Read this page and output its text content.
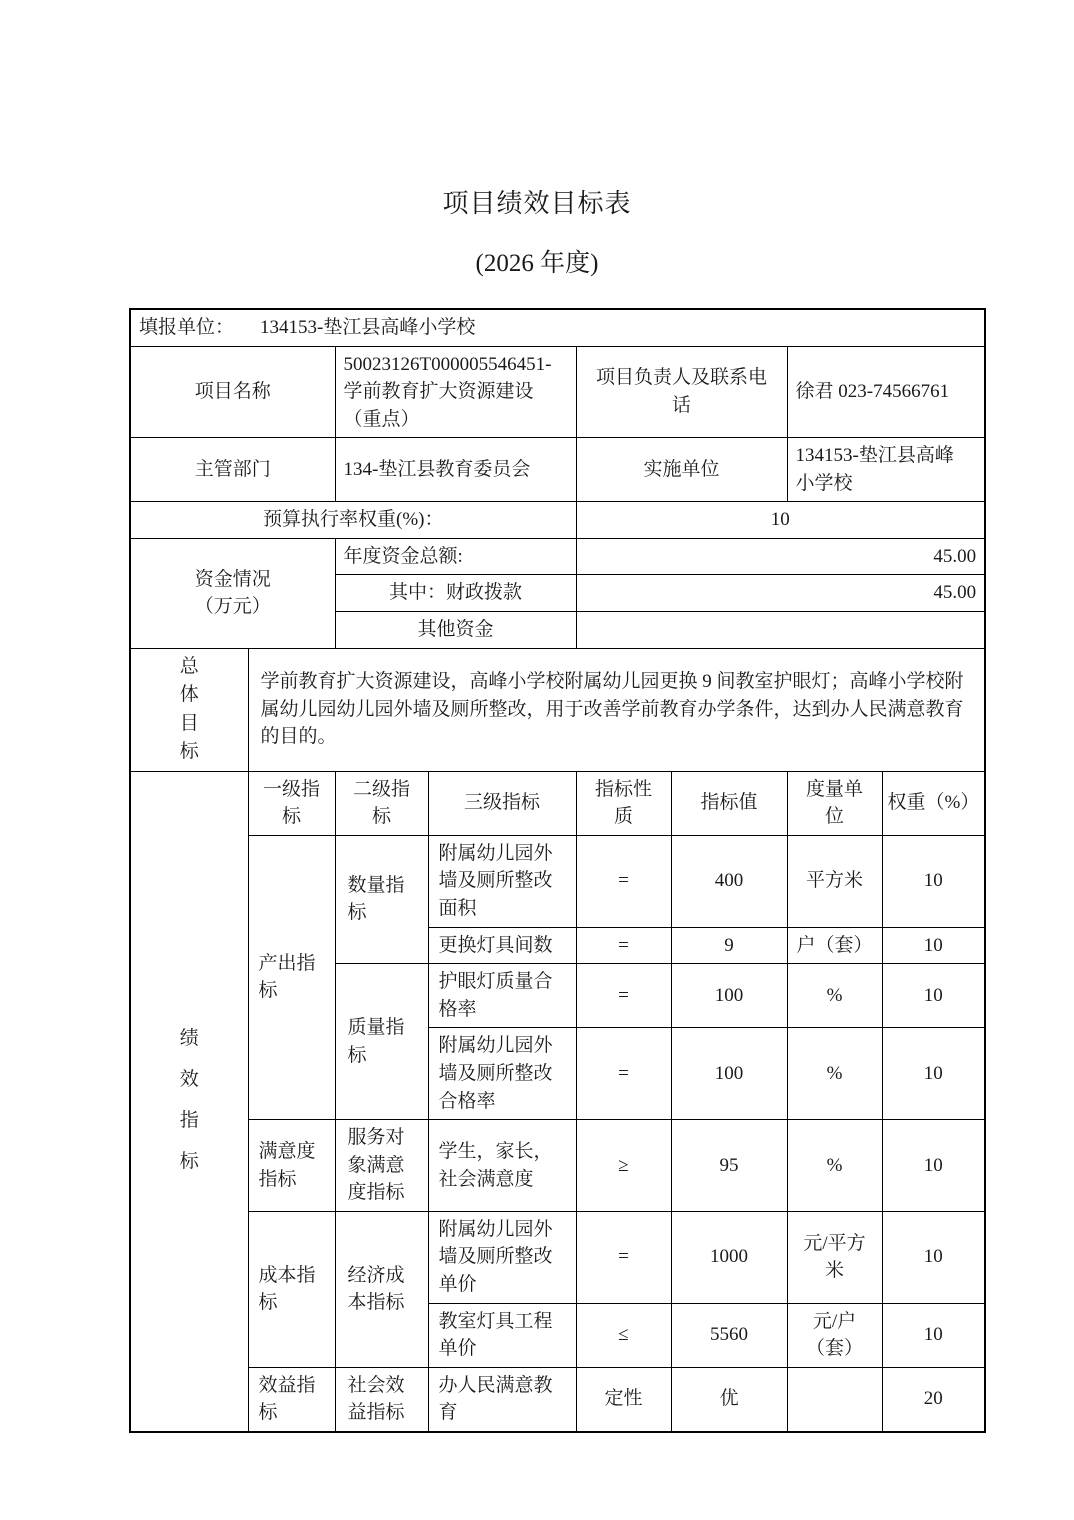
项目绩效目标表
(2026 年度)
填报单位： 134153-垫江县高峰小学校							
项目名称		50023126T000005546451-学前教育扩大资源建设（重点）		项目负责人及联系电话		徐君 023-74566761	
主管部门		134-垫江县教育委员会		实施单位		134153-垫江县高峰小学校	
预算执行率权重(%)：				10			

资金情况
（万元）		年度资金总额:		45.00			
		其中：财政拨款		45.00			
		其他资金					

总体目标	学前教育扩大资源建设，高峰小学校附属幼儿园更换 9 间教室护眼灯；高峰小学校附属幼儿园幼儿园外墙及厕所整改，用于改善学前教育办学条件，达到办人民满意教育的目的。						

绩效指标	一级指标	二级指标	三级指标	指标性质	指标值	度量单位	权重（%）
	产出指标	数量指标	附属幼儿园外墙及厕所整改面积	=	400	平方米	10
			更换灯具间数	=	9	户（套）	10
		质量指标	护眼灯质量合格率	=	100	%	10
			附属幼儿园外墙及厕所整改合格率	=	100	%	10
	满意度指标	服务对象满意度指标	学生，家长，社会满意度	≥	95	%	10
	成本指标	经济成本指标	附属幼儿园外墙及厕所整改单价	=	1000	元/平方米	10
			教室灯具工程单价	≤	5560	元/户（套）	10
	效益指标	社会效益指标	办人民满意教育	定性	优		20
